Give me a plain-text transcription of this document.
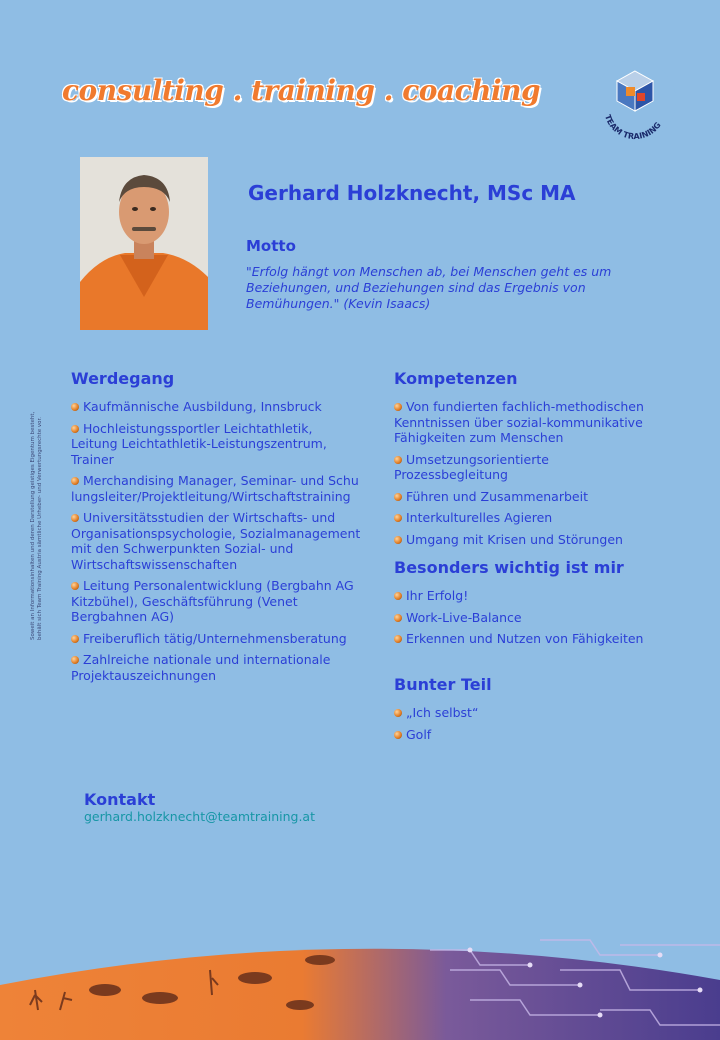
consulting . training . coaching
TEAM TRAINING
Gerhard Holzknecht, MSc MA
Motto
"Erfolg hängt von Menschen ab, bei Menschen geht es um Beziehungen, und Beziehungen sind das Ergebnis von Bemühungen." (Kevin Isaacs)
Soweit an Informationsinhalten und deren Darstellung geistiges Eigentum besteht, behält sich Team Training Austria sämtliche Urheber- und Verwertungsrechte vor.
Werdegang
Kaufmännische Ausbildung, Innsbruck
Hochleistungssportler Leichtathletik, Leitung Leichtathletik-Leistungszentrum, Trainer
Merchandising Manager, Seminar- und Schulungsleiter/Projektleitung/Wirtschaftstraining
Universitätsstudien der Wirtschafts- und Organisationspsychologie, Sozialmanagement mit den Schwerpunkten Sozial- und Wirtschaftswissenschaften
Leitung Personalentwicklung (Bergbahn AG Kitzbühel), Geschäftsführung (Venet Bergbahnen AG)
Freiberuflich tätig/Unternehmensberatung
Zahlreiche nationale und internationale Projektauszeichnungen
Kompetenzen
Von fundierten fachlich-methodischen Kenntnissen über sozial-kommunikative Fähigkeiten zum Menschen
Umsetzungsorientierte Prozessbegleitung
Führen und Zusammenarbeit
Interkulturelles Agieren
Umgang mit Krisen und Störungen
Besonders wichtig ist mir
Ihr Erfolg!
Work-Live-Balance
Erkennen und Nutzen von Fähigkeiten
Bunter Teil
„Ich selbst“
Golf
Kontakt
gerhard.holzknecht@teamtraining.at
